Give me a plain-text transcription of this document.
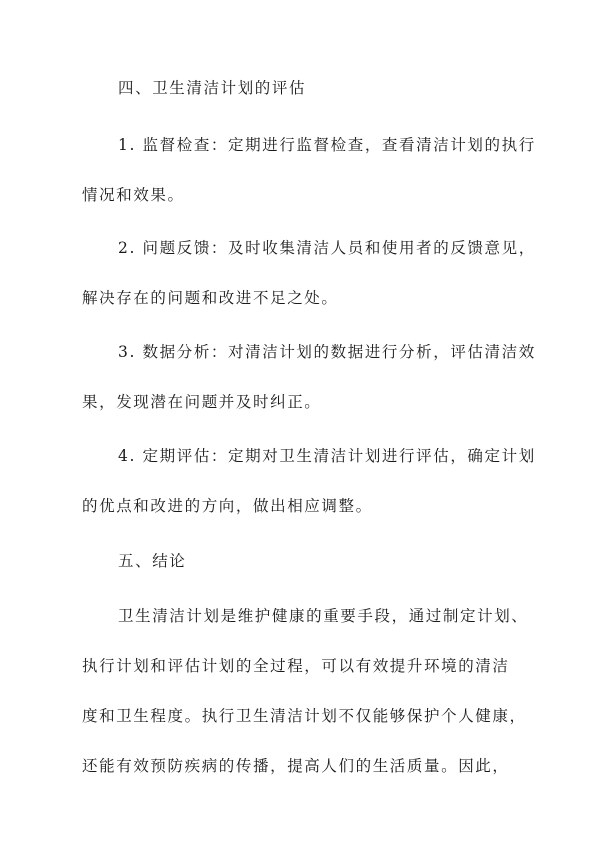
四、卫生清洁计划的评估
1. 监督检查：定期进行监督检查，查看清洁计划的执行
情况和效果。
2. 问题反馈：及时收集清洁人员和使用者的反馈意见，
解决存在的问题和改进不足之处。
3. 数据分析：对清洁计划的数据进行分析，评估清洁效
果，发现潜在问题并及时纠正。
4. 定期评估：定期对卫生清洁计划进行评估，确定计划
的优点和改进的方向，做出相应调整。
五、结论
卫生清洁计划是维护健康的重要手段，通过制定计划、
执行计划和评估计划的全过程，可以有效提升环境的清洁
度和卫生程度。执行卫生清洁计划不仅能够保护个人健康，
还能有效预防疾病的传播，提高人们的生活质量。因此，
